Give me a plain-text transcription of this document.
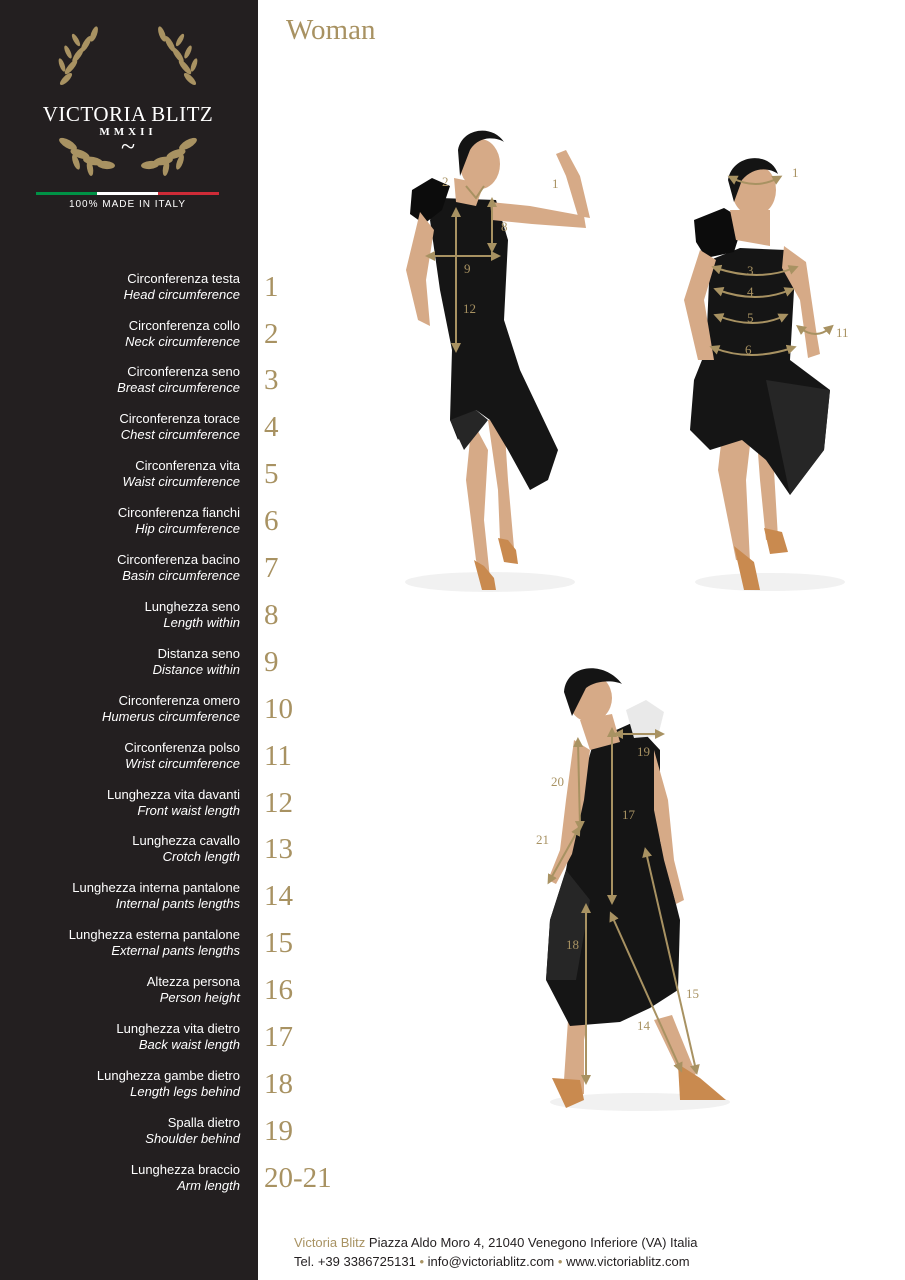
VICTORIA BLITZ
MMXII
~
100% MADE IN ITALY
Circonferenza testa
Head circumference 1
Circonferenza collo
Neck circumference 2
Circonferenza seno
Breast circumference 3
Circonferenza torace
Chest circumference 4
Circonferenza vita
Waist circumference 5
Circonferenza fianchi
Hip circumference 6
Circonferenza bacino
Basin circumference 7
Lunghezza seno
Length within 8
Distanza seno
Distance within 9
Circonferenza omero
Humerus circumference 10
Circonferenza polso
Wrist circumference 11
Lunghezza vita davanti
Front waist length 12
Lunghezza cavallo
Crotch length 13
Lunghezza interna pantalone
Internal pants lengths 14
Lunghezza esterna pantalone
External pants lengths 15
Altezza persona
Person height 16
Lunghezza vita dietro
Back waist length 17
Lunghezza gambe dietro
Length legs behind 18
Spalla dietro
Shoulder behind 19
Lunghezza braccio
Arm length 20-21
Woman
2	1
8
9
12
1
3
4
5
6
11
19
20
17
21
18
15
14
Victoria Blitz Piazza Aldo Moro 4, 21040 Venegono Inferiore (VA) Italia
Tel. +39 3386725131 • info@victoriablitz.com • www.victoriablitz.com
